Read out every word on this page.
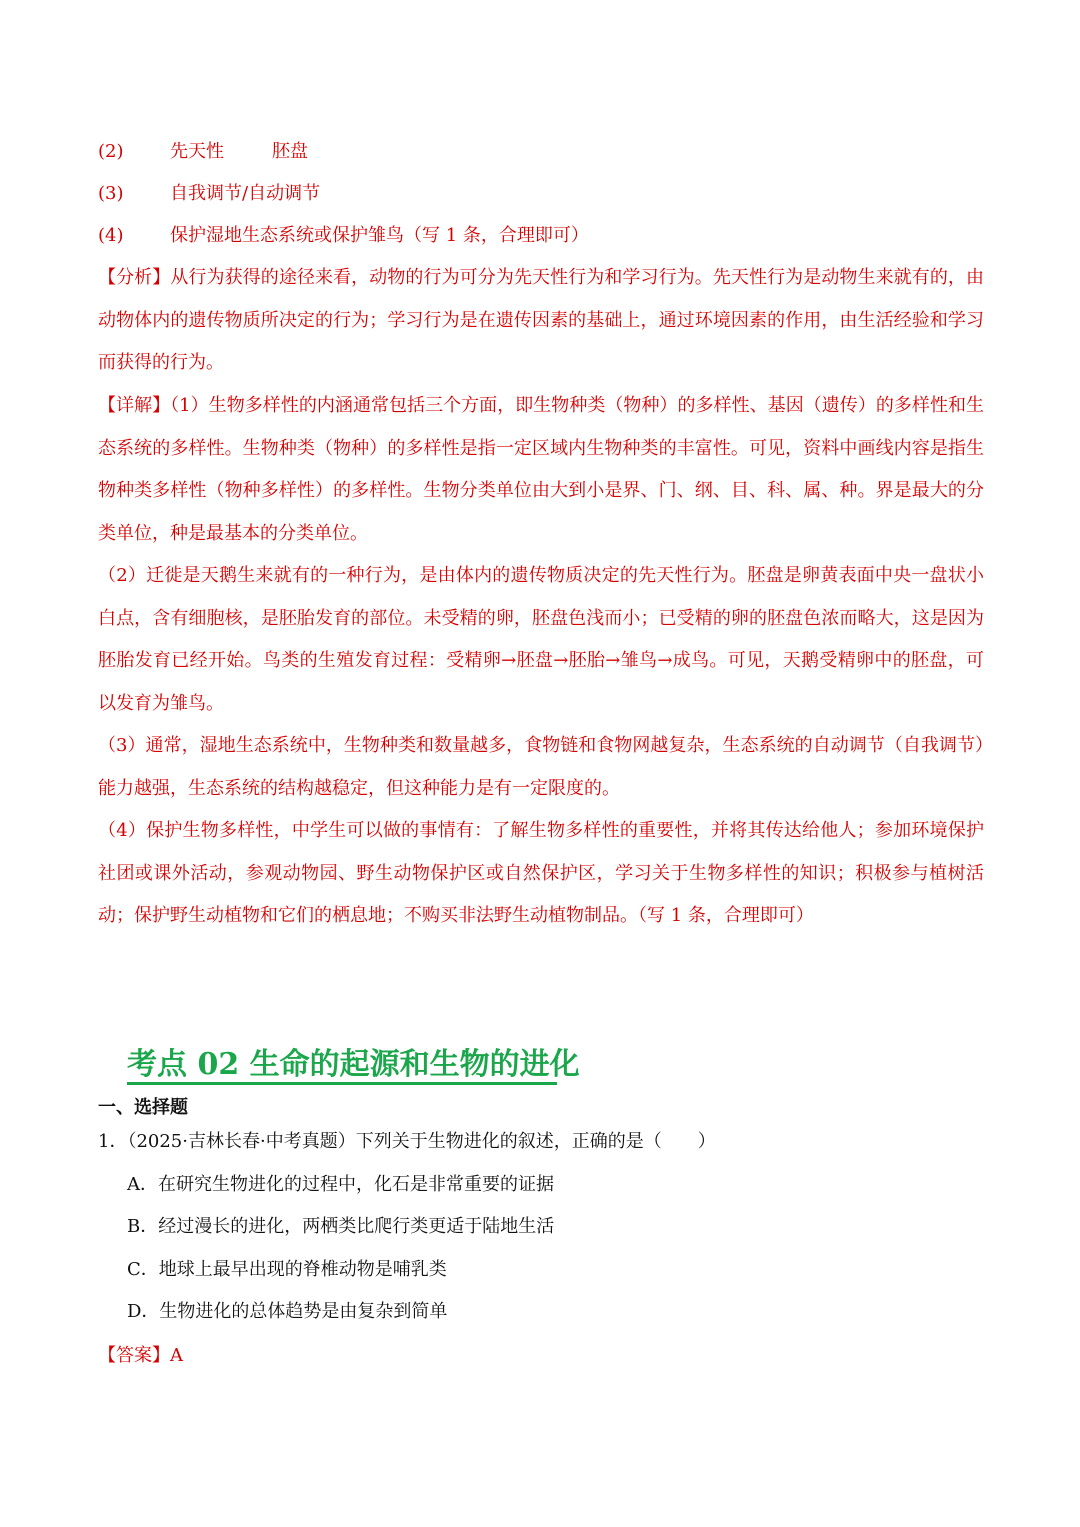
(2)	先天性	胚盘
(3)	自我调节/自动调节
(4)	保护湿地生态系统或保护雏鸟（写 1 条，合理即可）
【分析】从行为获得的途径来看，动物的行为可分为先天性行为和学习行为。先天性行为是动物生来就有的，由动物体内的遗传物质所决定的行为；学习行为是在遗传因素的基础上，通过环境因素的作用，由生活经验和学习而获得的行为。
【详解】（1）生物多样性的内涵通常包括三个方面，即生物种类（物种）的多样性、基因（遗传）的多样性和生态系统的多样性。生物种类（物种）的多样性是指一定区域内生物种类的丰富性。可见，资料中画线内容是指生物种类多样性（物种多样性）的多样性。生物分类单位由大到小是界、门、纲、目、科、属、种。界是最大的分类单位，种是最基本的分类单位。
（2）迁徙是天鹅生来就有的一种行为，是由体内的遗传物质决定的先天性行为。胚盘是卵黄表面中央一盘状小白点，含有细胞核，是胚胎发育的部位。未受精的卵，胚盘色浅而小；已受精的卵的胚盘色浓而略大，这是因为胚胎发育已经开始。鸟类的生殖发育过程：受精卵→胚盘→胚胎→雏鸟→成鸟。可见，天鹅受精卵中的胚盘，可以发育为雏鸟。
（3）通常，湿地生态系统中，生物种类和数量越多，食物链和食物网越复杂，生态系统的自动调节（自我调节）能力越强，生态系统的结构越稳定，但这种能力是有一定限度的。
（4）保护生物多样性，中学生可以做的事情有：了解生物多样性的重要性，并将其传达给他人；参加环境保护社团或课外活动，参观动物园、野生动物保护区或自然保护区，学习关于生物多样性的知识；积极参与植树活动；保护野生动植物和它们的栖息地；不购买非法野生动植物制品。（写 1 条，合理即可）
考点 02 生命的起源和生物的进化
一、选择题
1．（2025·吉林长春·中考真题）下列关于生物进化的叙述，正确的是（　　）
A．在研究生物进化的过程中，化石是非常重要的证据
B．经过漫长的进化，两栖类比爬行类更适于陆地生活
C．地球上最早出现的脊椎动物是哺乳类
D．生物进化的总体趋势是由复杂到简单
【答案】A
